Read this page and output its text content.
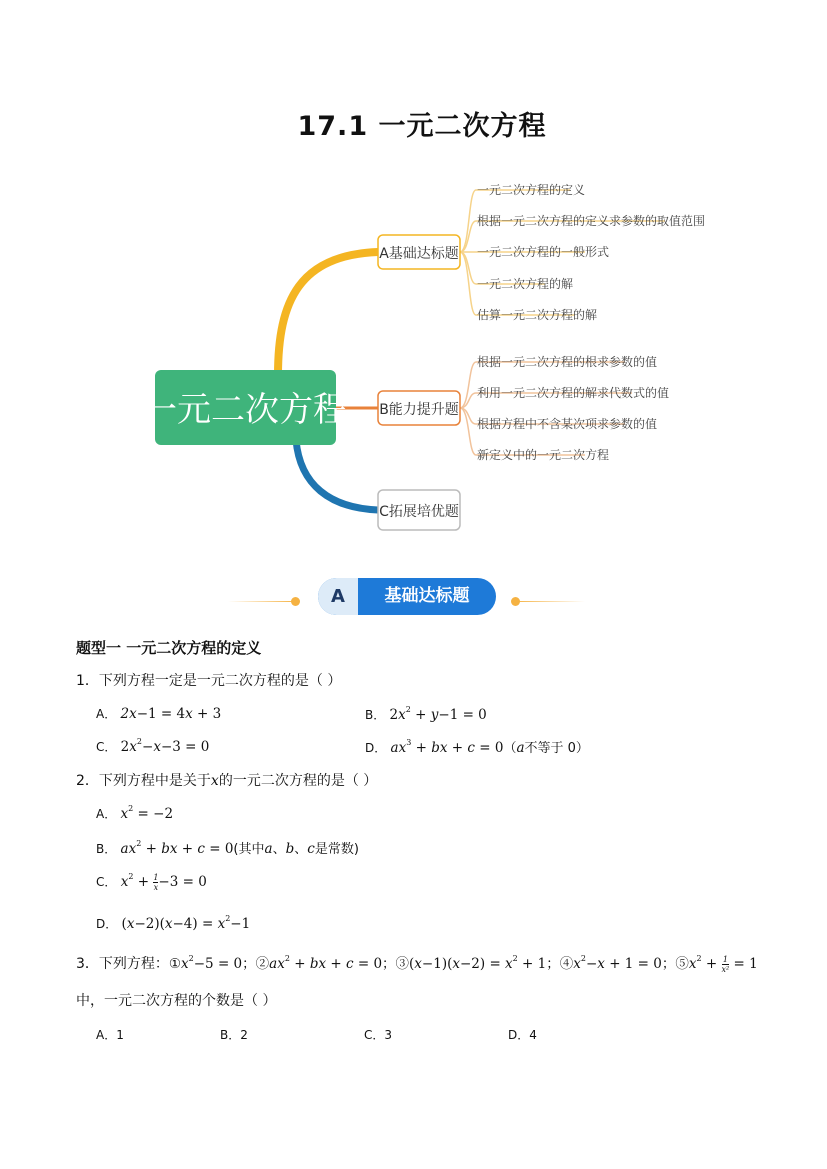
17.1 一元二次方程
一元二次方程
A基础达标题
B能力提升题
C拓展培优题
一元二次方程的定义
根据一元二次方程的定义求参数的取值范围
一元二次方程的一般形式
一元二次方程的解
估算一元二次方程的解
根据一元二次方程的根求参数的值
利用一元二次方程的解求代数式的值
根据方程中不含某次项求参数的值
新定义中的一元二次方程
A	基础达标题
题型一 一元二次方程的定义
1．下列方程一定是一元二次方程的是（ ）
A． 2x−1 = 4x + 3	B． $2x^2 + y-1 = 0$
C． $2x^2-x-3 = 0$	D． $ax^3$ + bx + c = 0（a不等于 0）
2．下列方程中是关于x的一元二次方程的是（ ）
A． $x^2 = -2$
B． $ax^2$ + bx + c = 0(其中a、b、c是常数)
C． $x^2 + \frac{1}{x} -3 = 0$
D． $(x-2)(x-4) = x^2-1$
3．下列方程：$①x^2-5 = 0$；$②ax^2$ + bx + c = 0；③(x−1)(x−2) = $x^2 + 1$；$④x^2-x + 1 = 0$；$⑤x^2 + \frac{1}{\text{x²}} = 1$
中，一元二次方程的个数是（ ）
A．1	B．2	C．3	D．4
